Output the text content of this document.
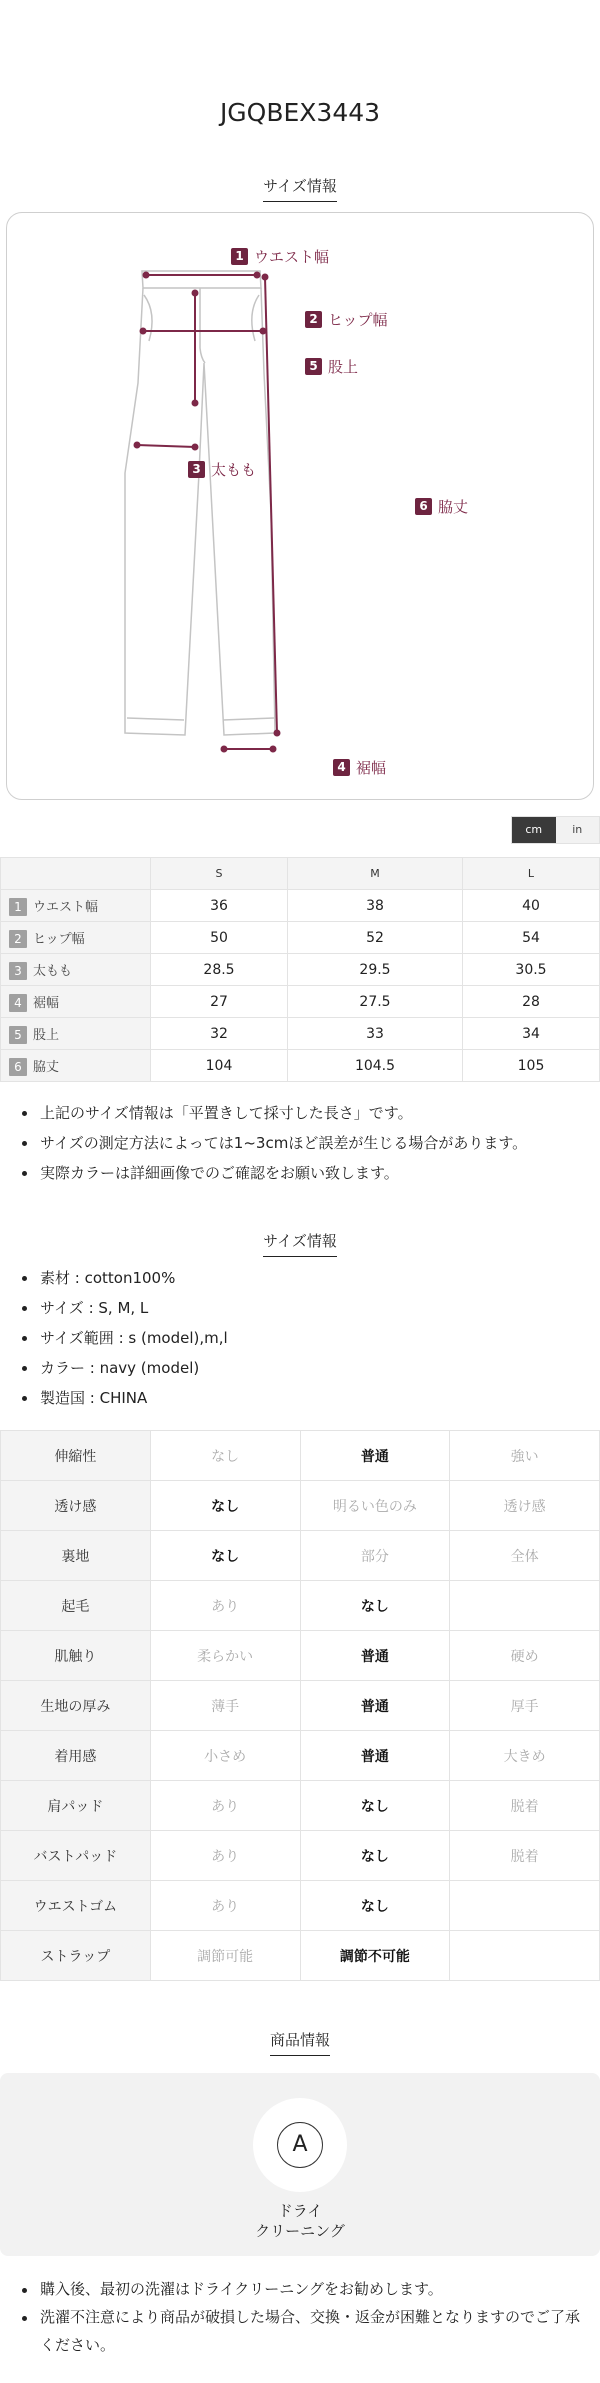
JGQBEX3443
サイズ情報
1 ウエスト幅
2 ヒップ幅
5 股上
3 太もも
6 脇丈
4 裾幅
cm	in
	S	M	L
1 ウエスト幅	36	38	40
2 ヒップ幅	50	52	54
3 太もも	28.5	29.5	30.5
4 裾幅	27	27.5	28
5 股上	32	33	34
6 脇丈	104	104.5	105
上記のサイズ情報は「平置きして採寸した長さ」です。
サイズの測定方法によっては1~3cmほど誤差が生じる場合があります。
実際カラーは詳細画像でのご確認をお願い致します。
サイズ情報
素材 : cotton100%
サイズ : S, M, L
サイズ範囲 : s (model),m,l
カラー : navy (model)
製造国 : CHINA
伸縮性	なし	普通	強い
透け感	なし	明るい色のみ	透け感
裏地	なし	部分	全体
起毛	あり	なし	
肌触り	柔らかい	普通	硬め
生地の厚み	薄手	普通	厚手
着用感	小さめ	普通	大きめ
肩パッド	あり	なし	脱着
バストパッド	あり	なし	脱着
ウエストゴム	あり	なし	
ストラップ	調節可能	調節不可能	
商品情報
A
ドライ
クリーニング
購入後、最初の洗濯はドライクリーニングをお勧めします。
洗濯不注意により商品が破損した場合、交換・返金が困難となりますのでご了承ください。
